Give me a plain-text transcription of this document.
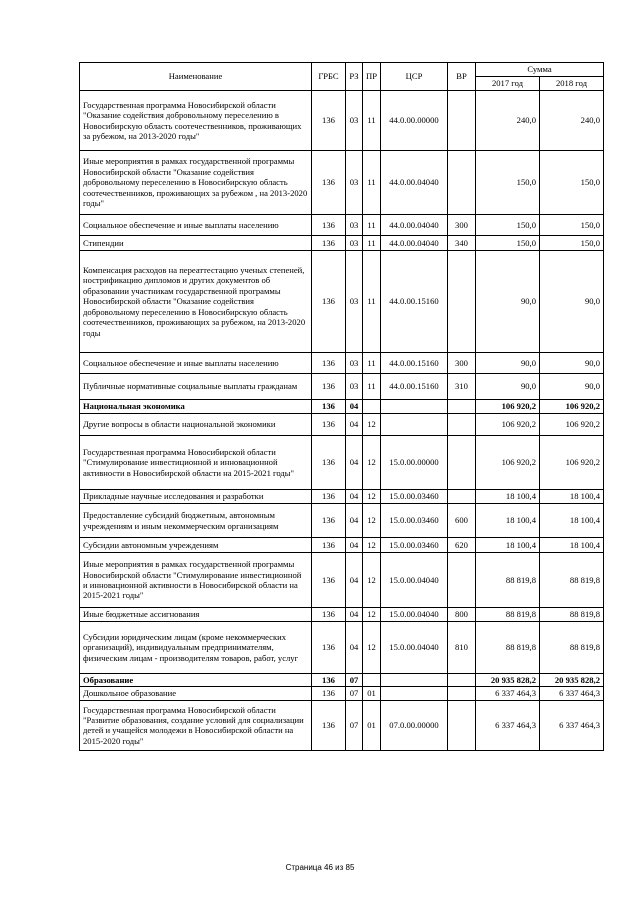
Наименование	ГРБС	РЗ	ПР	ЦСР	ВР	Сумма	
						2017 год	2018 год
Государственная программа Новосибирской области "Оказание содействия добровольному переселению в Новосибирскую область соотечественников, проживающих за рубежом, на 2013-2020 годы"	136	03	11	44.0.00.00000		240,0	240,0
Иные мероприятия в рамках государственной программы Новосибирской области "Оказание содействия добровольному переселению в Новосибирскую область соотечественников, проживающих за рубежом , на 2013-2020 годы"	136	03	11	44.0.00.04040		150,0	150,0
Социальное обеспечение и иные выплаты населению	136	03	11	44.0.00.04040	300	150,0	150,0
Стипендии	136	03	11	44.0.00.04040	340	150,0	150,0
Компенсация расходов на переаттестацию ученых степеней, нострификацию дипломов и других документов об образовании участникам государственной программы Новосибирской области "Оказание содействия добровольному переселению в Новосибирскую область соотечественников, проживающих за рубежом, на 2013-2020 годы	136	03	11	44.0.00.15160		90,0	90,0
Социальное обеспечение и иные выплаты населению	136	03	11	44.0.00.15160	300	90,0	90,0
Публичные нормативные социальные выплаты гражданам	136	03	11	44.0.00.15160	310	90,0	90,0
Национальная экономика	136	04				106 920,2	106 920,2
Другие вопросы в области национальной экономики	136	04	12			106 920,2	106 920,2
Государственная программа Новосибирской области "Стимулирование инвестиционной и инновационной активности в Новосибирской области на 2015-2021 годы"	136	04	12	15.0.00.00000		106 920,2	106 920,2
Прикладные научные исследования и разработки	136	04	12	15.0.00.03460		18 100,4	18 100,4
Предоставление субсидий бюджетным, автономным учреждениям и иным некоммерческим организациям	136	04	12	15.0.00.03460	600	18 100,4	18 100,4
Субсидии автономным учреждениям	136	04	12	15.0.00.03460	620	18 100,4	18 100,4
Иные мероприятия в рамках государственной программы Новосибирской области "Стимулирование инвестиционной и инновационной активности в Новосибирской области на 2015-2021 годы"	136	04	12	15.0.00.04040		88 819,8	88 819,8
Иные бюджетные ассигнования	136	04	12	15.0.00.04040	800	88 819,8	88 819,8
Субсидии юридическим лицам (кроме некоммерческих организаций), индивидуальным предпринимателям, физическим лицам - производителям товаров, работ, услуг	136	04	12	15.0.00.04040	810	88 819,8	88 819,8
Образование	136	07				20 935 828,2	20 935 828,2
Дошкольное образование	136	07	01			6 337 464,3	6 337 464,3
Государственная программа Новосибирской области "Развитие образования, создание условий для социализации детей и учащейся молодежи в Новосибирской области на 2015-2020 годы"	136	07	01	07.0.00.00000		6 337 464,3	6 337 464,3
Страница 46 из 85
